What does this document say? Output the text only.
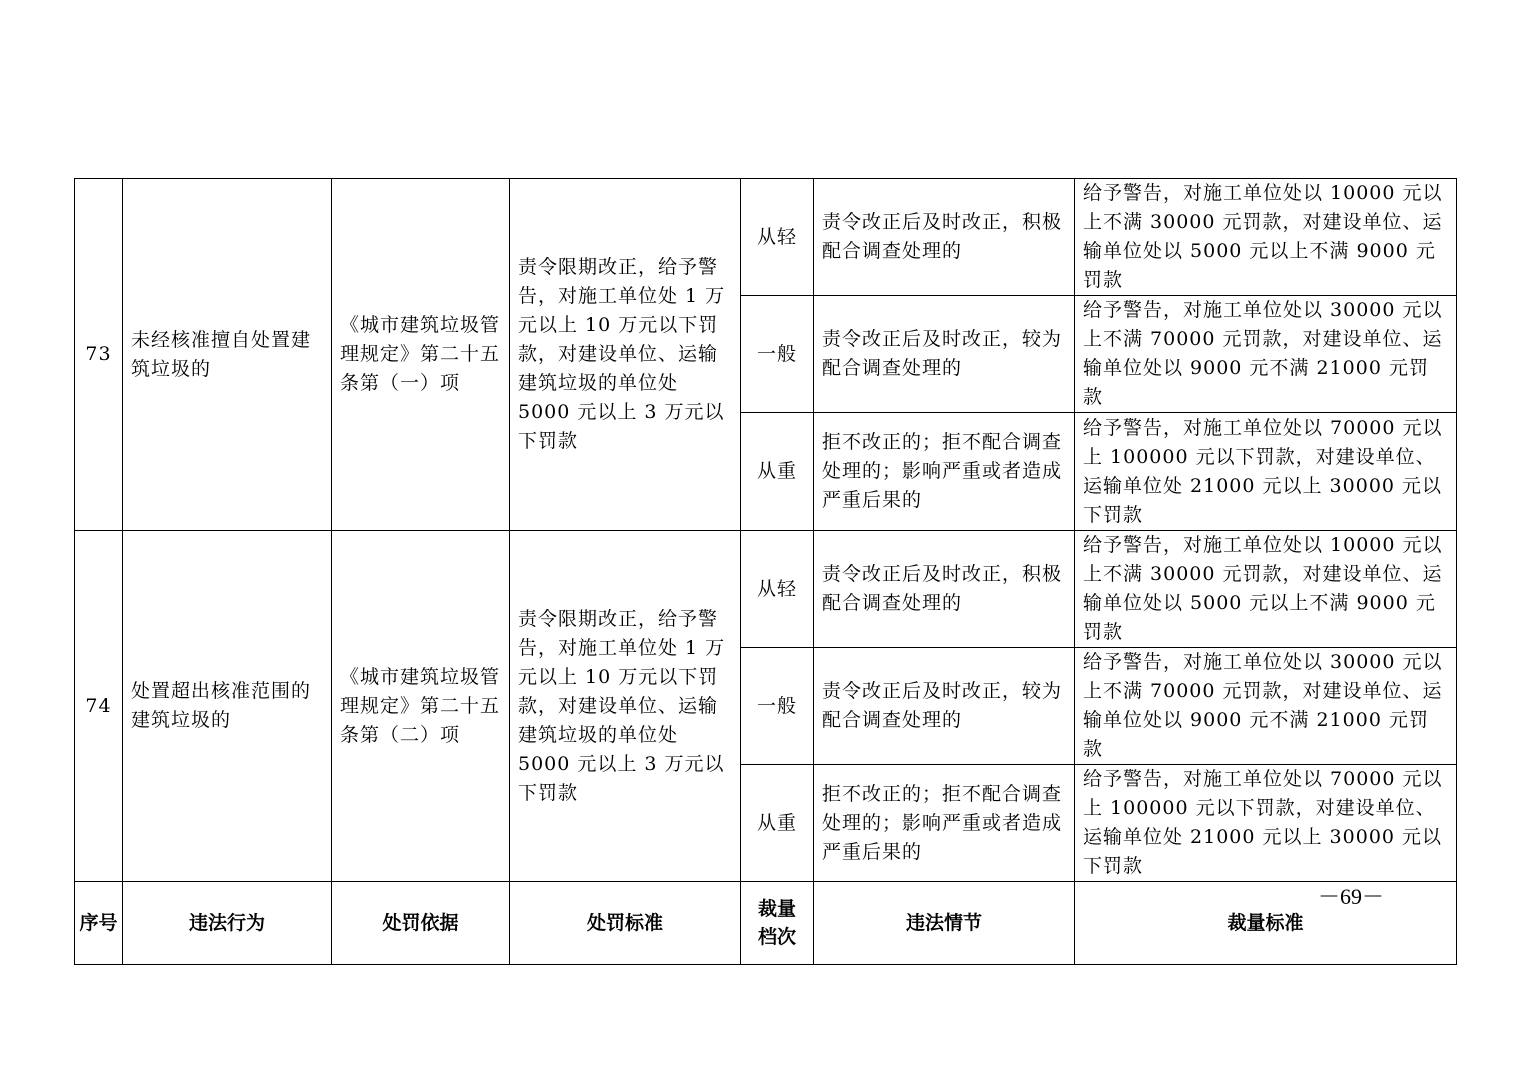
73	未经核准擅自处置建筑垃圾的	《城市建筑垃圾管理规定》第二十五条第（一）项	责令限期改正，给予警告，对施工单位处 1 万元以上 10 万元以下罚款，对建设单位、运输建筑垃圾的单位处 5000 元以上 3 万元以下罚款	从轻	责令改正后及时改正，积极配合调查处理的	给予警告，对施工单位处以 10000 元以上不满 30000 元罚款，对建设单位、运输单位处以 5000 元以上不满 9000 元罚款
				一般	责令改正后及时改正，较为配合调查处理的	给予警告，对施工单位处以 30000 元以上不满 70000 元罚款，对建设单位、运输单位处以 9000 元不满 21000 元罚款
				从重	拒不改正的；拒不配合调查处理的；影响严重或者造成严重后果的	给予警告，对施工单位处以 70000 元以上 100000 元以下罚款，对建设单位、运输单位处 21000 元以上 30000 元以下罚款
74	处置超出核准范围的建筑垃圾的	《城市建筑垃圾管理规定》第二十五条第（二）项	责令限期改正，给予警告，对施工单位处 1 万元以上 10 万元以下罚款，对建设单位、运输建筑垃圾的单位处 5000 元以上 3 万元以下罚款	从轻	责令改正后及时改正，积极配合调查处理的	给予警告，对施工单位处以 10000 元以上不满 30000 元罚款，对建设单位、运输单位处以 5000 元以上不满 9000 元罚款
				一般	责令改正后及时改正，较为配合调查处理的	给予警告，对施工单位处以 30000 元以上不满 70000 元罚款，对建设单位、运输单位处以 9000 元不满 21000 元罚款
				从重	拒不改正的；拒不配合调查处理的；影响严重或者造成严重后果的	给予警告，对施工单位处以 70000 元以上 100000 元以下罚款，对建设单位、运输单位处 21000 元以上 30000 元以下罚款
序号	违法行为	处罚依据	处罚标准	裁量档次	违法情节	裁量标准
－69－
